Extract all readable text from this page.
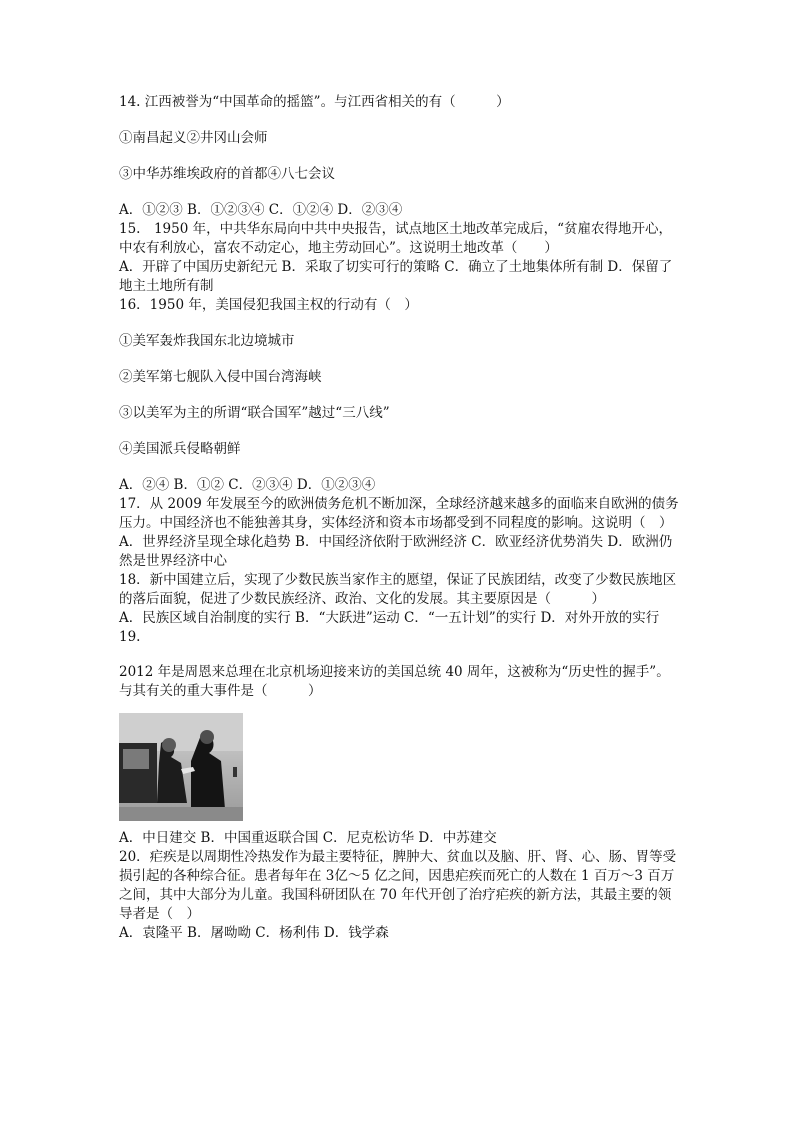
14. 江西被誉为“中国革命的摇篮”。与江西省相关的有（　　　）
①南昌起义②井冈山会师
③中华苏维埃政府的首都④八七会议
A．①②③ B．①②③④ C．①②④ D．②③④
15.　1950 年，中共华东局向中共中央报告，试点地区土地改革完成后，“贫雇农得地开心，中农有利放心，富农不动定心，地主劳动回心”。这说明土地改革（　　）
A．开辟了中国历史新纪元 B．采取了切实可行的策略 C．确立了土地集体所有制 D．保留了地主土地所有制
16．1950 年，美国侵犯我国主权的行动有（　）
①美军轰炸我国东北边境城市
②美军第七舰队入侵中国台湾海峡
③以美军为主的所谓“联合国军”越过“三八线”
④美国派兵侵略朝鲜
A．②④ B．①② C．②③④ D．①②③④
17．从 2009 年发展至今的欧洲债务危机不断加深，全球经济越来越多的面临来自欧洲的债务压力。中国经济也不能独善其身，实体经济和资本市场都受到不同程度的影响。这说明（　）
A．世界经济呈现全球化趋势 B．中国经济依附于欧洲经济 C．欧亚经济优势消失 D．欧洲仍然是世界经济中心
18．新中国建立后，实现了少数民族当家作主的愿望，保证了民族团结，改变了少数民族地区的落后面貌，促进了少数民族经济、政治、文化的发展。其主要原因是（　　　）
A．民族区域自治制度的实行 B．“大跃进”运动 C．“一五计划”的实行 D．对外开放的实行
19.
2012 年是周恩来总理在北京机场迎接来访的美国总统 40 周年，这被称为“历史性的握手”。与其有关的重大事件是（　　　）
A．中日建交 B．中国重返联合国 C．尼克松访华 D．中苏建交
20．疟疾是以周期性冷热发作为最主要特征，脾肿大、贫血以及脑、肝、肾、心、肠、胃等受损引起的各种综合征。患者每年在 3亿～5 亿之间，因患疟疾而死亡的人数在 1 百万～3 百万之间，其中大部分为儿童。我国科研团队在 70 年代开创了治疗疟疾的新方法，其最主要的领导者是（　）
A．袁隆平 B．屠呦呦 C．杨利伟 D．钱学森
